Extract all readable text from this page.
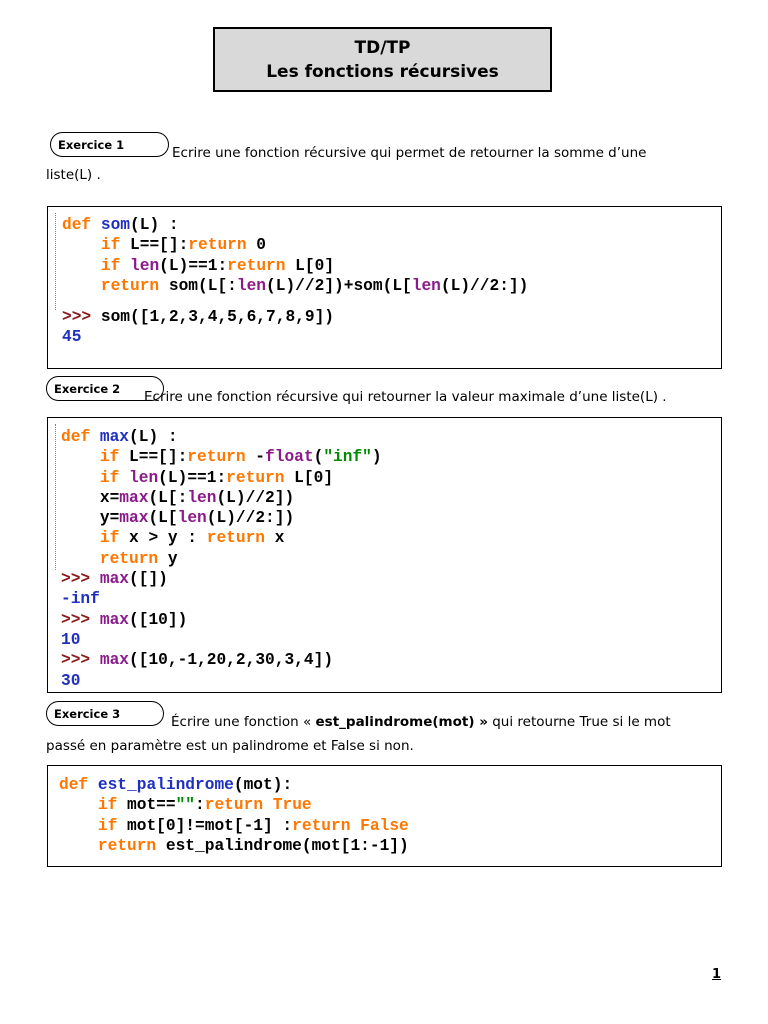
TD/TP
Les fonctions récursives
Exercice 1
Ecrire une fonction récursive qui permet de retourner la somme d’une
liste(L) .
def som(L) :
if L==[]:return 0
if len(L)==1:return L[0]
return som(L[:len(L)//2])+som(L[len(L)//2:])

>>> som([1,2,3,4,5,6,7,8,9])
45
Exercice 2
Ecrire une fonction récursive qui retourner la valeur maximale d’une liste(L) .
def max(L) :
if L==[]:return -float("inf")
if len(L)==1:return L[0]
x=max(L[:len(L)//2])
y=max(L[len(L)//2:])
if x > y : return x
return y
>>> max([])
-inf
>>> max([10])
10
>>> max([10,-1,20,2,30,3,4])
30
Exercice 3
Écrire une fonction « est_palindrome(mot) » qui retourne True si le mot
passé en paramètre est un palindrome et False si non.
def est_palindrome(mot):
if mot=="":return True
if mot[0]!=mot[-1] :return False
return est_palindrome(mot[1:-1])
1
